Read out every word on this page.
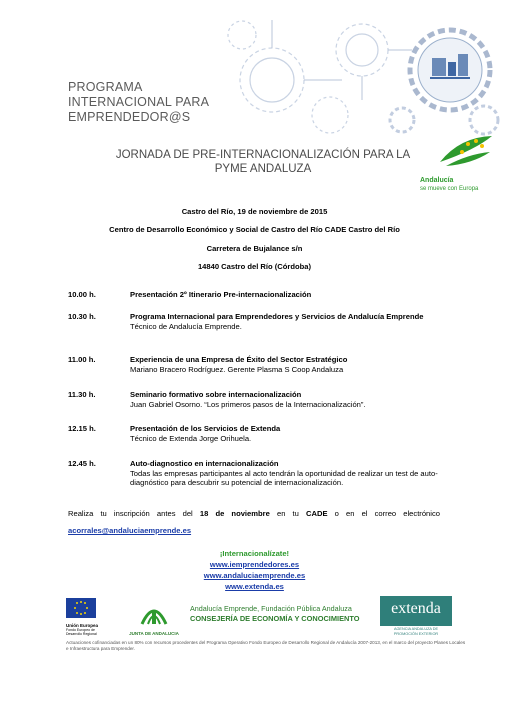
PROGRAMA
INTERNACIONAL PARA
EMPRENDEDOR@S
JORNADA DE PRE-INTERNACIONALIZACIÓN PARA LA
PYME ANDALUZA
Andalucía
se mueve con Europa
Castro del Río, 19 de noviembre de 2015
Centro de Desarrollo Económico y Social de Castro del Río CADE Castro del Río
Carretera de Bujalance s/n
14840 Castro del Río (Córdoba)
10.00 h.	Presentación 2º Itinerario Pre-internacionalización
10.30 h.	Programa Internacional para Emprendedores y Servicios de Andalucía Emprende
Técnico de Andalucía Emprende.
11.00 h.	Experiencia de una Empresa de Éxito del Sector Estratégico
Mariano Bracero Rodríguez. Gerente Plasma S Coop Andaluza
11.30 h.	Seminario formativo sobre internacionalización
Juan Gabriel Osorno. “Los primeros pasos de la Internacionalización”.
12.15 h.	Presentación de los Servicios de Extenda
Técnico de Extenda Jorge Orihuela.
12.45 h.	Auto-diagnostico en internacionalización
Todas las empresas participantes al acto tendrán la oportunidad de realizar un test de auto-diagnóstico para descubrir su potencial de internacionalización.
Realiza tu inscripción antes del 18 de noviembre en tu CADE o en el correo electrónico
acorrales@andaluciaemprende.es
¡Internacionalízate!
www.iemprendedores.es
www.andaluciaemprende.es
www.extenda.es
Unión Europea
Fondo Europeo de Desarrollo Regional	JUNTA DE ANDALUCIA
Andalucía Emprende, Fundación Pública Andaluza
CONSEJERÍA DE ECONOMÍA Y CONOCIMIENTO
extenda
AGENCIA ANDALUZA DE
PROMOCIÓN EXTERIOR
Actuaciones cofinanciadas en un 80% con recursos procedentes del Programa Operativo Fondo Europeo de Desarrollo Regional de Andalucía 2007-2013, en el marco del proyecto Planes Locales e Infraestructura para Emprender.
